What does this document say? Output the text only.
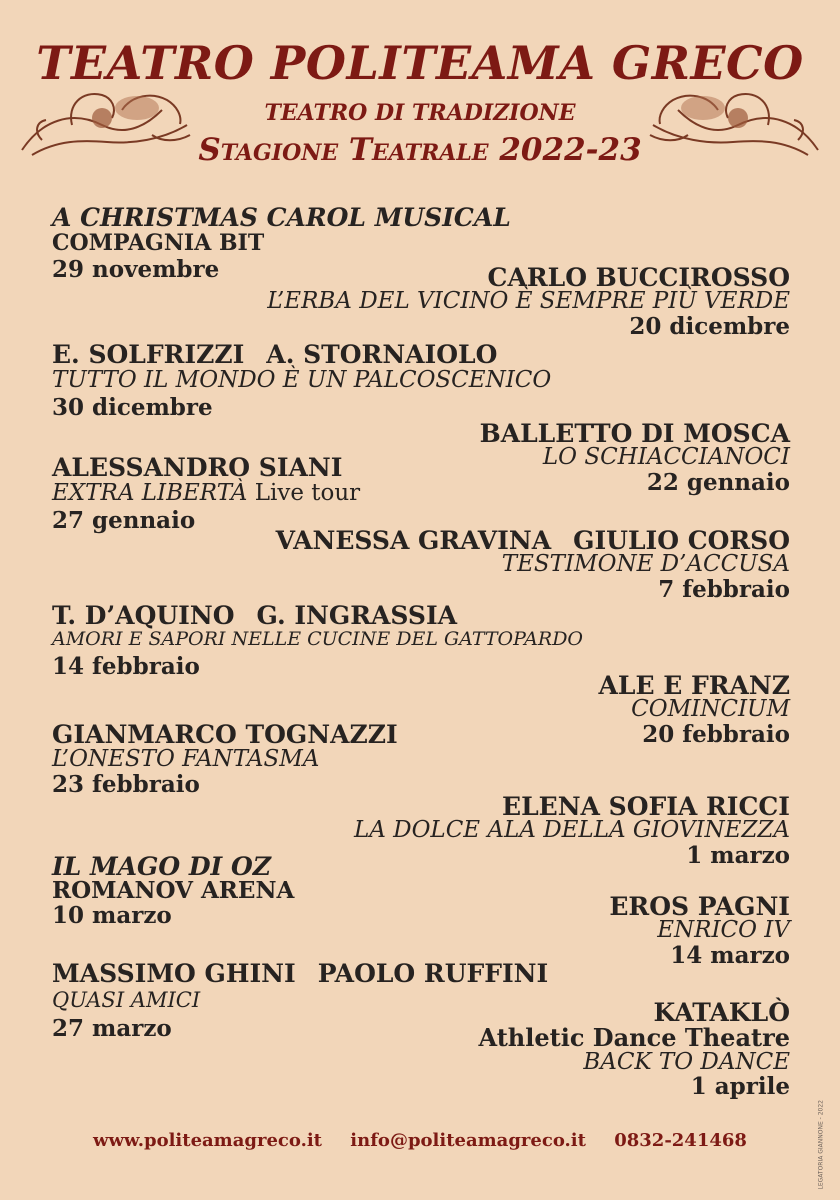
TEATRO POLITEAMA GRECO
TEATRO DI TRADIZIONE
Stagione Teatrale 2022-23
A CHRISTMAS CAROL MUSICAL
COMPAGNIA BIT
29 novembre	CARLO BUCCIROSSO
L’ERBA DEL VICINO È SEMPRE PIÙ VERDE
20 dicembre
E. SOLFRIZZI A. STORNAIOLO
TUTTO IL MONDO È UN PALCOSCENICO
30 dicembre
BALLETTO DI MOSCA
LO SCHIACCIANOCI
22 gennaio
ALESSANDRO SIANI
EXTRA LIBERTÀ Live tour
27 gennaio
VANESSA GRAVINA GIULIO CORSO
TESTIMONE D’ACCUSA
7 febbraio
T. D’AQUINO G. INGRASSIA
AMORI E SAPORI NELLE CUCINE DEL GATTOPARDO
14 febbraio
ALE E FRANZ
COMINCIUM
20 febbraio
GIANMARCO TOGNAZZI
L’ONESTO FANTASMA
23 febbraio
ELENA SOFIA RICCI
LA DOLCE ALA DELLA GIOVINEZZA
1 marzo
IL MAGO DI OZ
ROMANOV ARENA
10 marzo	EROS PAGNI
ENRICO IV
14 marzo
MASSIMO GHINI PAOLO RUFFINI
QUASI AMICI
27 marzo
KATAKLÒ
Athletic Dance Theatre
BACK TO DANCE
1 aprile
LEGATORIA GIANNONE - 2022
www.politeamagreco.it info@politeamagreco.it 0832-241468
